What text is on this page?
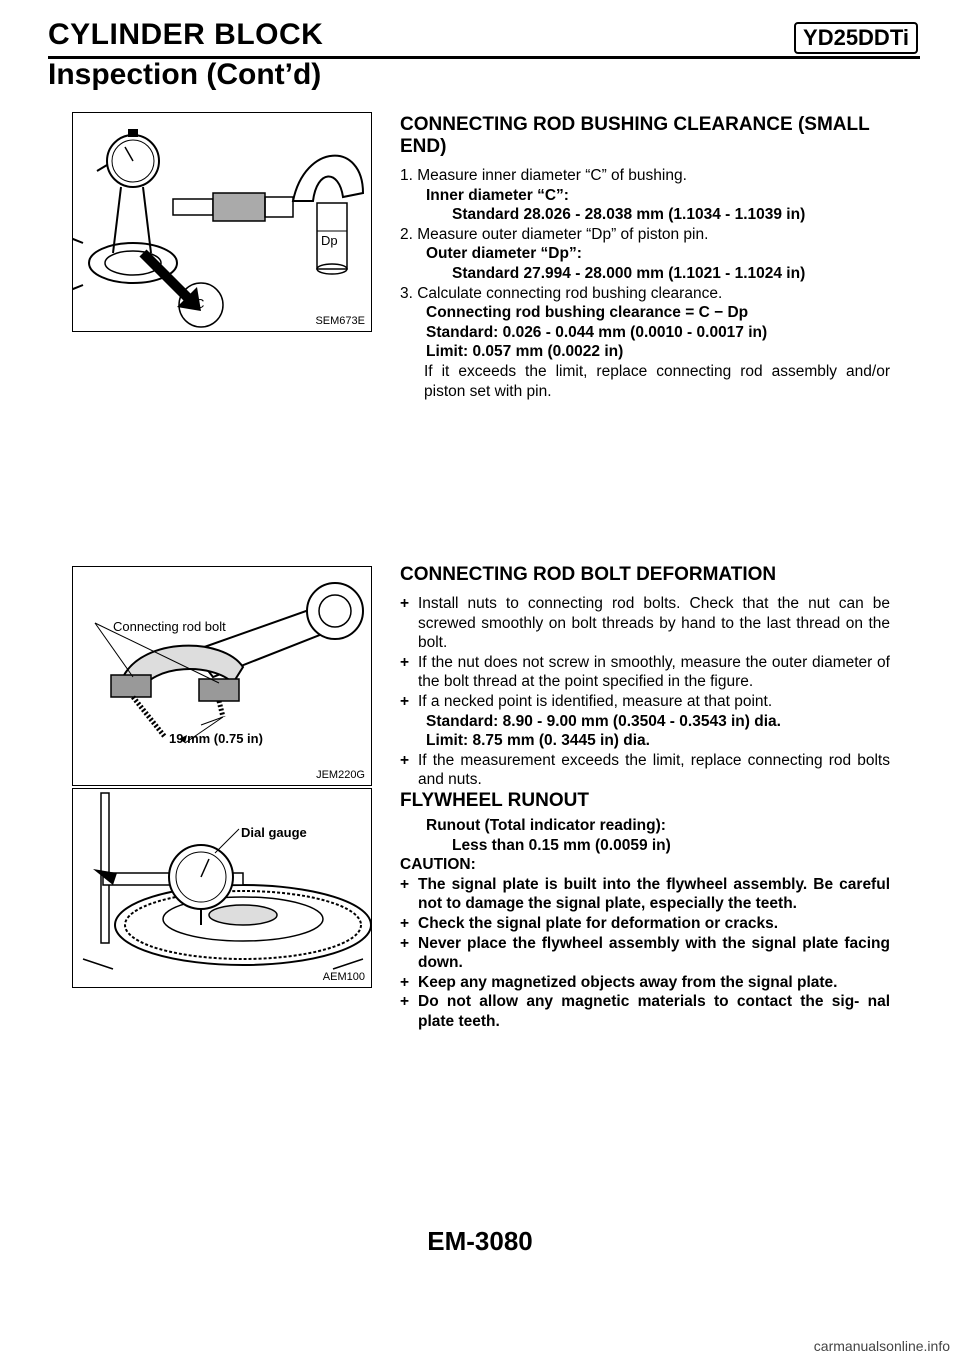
CYLINDER BLOCK	YD25DDTi
Inspection (Cont’d)
Dp
C
SEM673E
Connecting rod bolt
19 mm (0.75 in)
JEM220G
Dial gauge
AEM100
CONNECTING ROD BUSHING CLEARANCE (SMALL END)

1. Measure inner diameter “C” of bushing.

Inner diameter “C”:

Standard 28.026 - 28.038 mm (1.1034 - 1.1039 in)

2. Measure outer diameter “Dp” of piston pin.

Outer diameter “Dp”:

Standard 27.994 - 28.000 mm (1.1021 - 1.1024 in)

3. Calculate connecting rod bushing clearance.

Connecting rod bushing clearance = C − Dp

Standard: 0.026 - 0.044 mm (0.0010 - 0.0017 in)

Limit: 0.057 mm (0.0022 in)

If it exceeds the limit, replace connecting rod assembly and/or piston set with pin.

CONNECTING ROD BOLT DEFORMATION
+ Install nuts to connecting rod bolts. Check that the nut can be screwed smoothly on bolt threads by hand to the last thread on the bolt.
+ If the nut does not screw in smoothly, measure the outer diameter of the bolt thread at the point specified in the figure.
+ If a necked point is identified, measure at that point.

Standard: 8.90 - 9.00 mm (0.3504 - 0.3543 in) dia.

Limit: 8.75 mm (0. 3445 in) dia.

+ If the measurement exceeds the limit, replace connecting rod bolts and nuts.
FLYWHEEL RUNOUT

Runout (Total indicator reading):

Less than 0.15 mm (0.0059 in)

CAUTION:

+ The signal plate is built into the flywheel assembly. Be careful not to damage the signal plate, especially the teeth.
+ Check the signal plate for deformation or cracks.
+ Never place the flywheel assembly with the signal plate facing down.
+ Keep any magnetized objects away from the signal plate.
+ Do not allow any magnetic materials to contact the sig- nal plate teeth.
EM-3080
carmanualsonline.info
